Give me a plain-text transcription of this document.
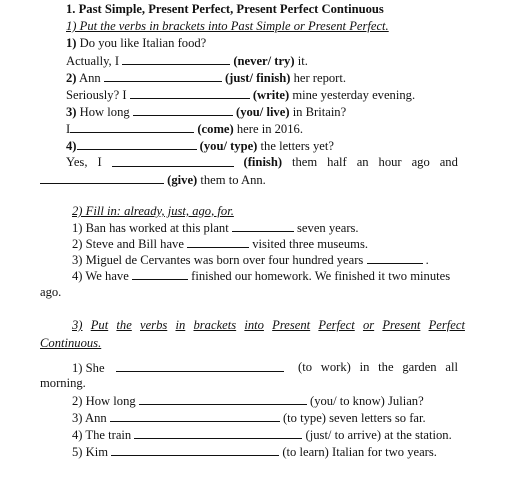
1. Past Simple, Present Perfect, Present Perfect Continuous
1) Put the verbs in brackets into Past Simple or Present Perfect.
1) Do you like Italian food?
Actually, I	(never/ try) it.
2) Ann	(just/ finish) her report.
Seriously? I	(write) mine yesterday evening.
3) How long	(you/ live) in Britain?
I	(come) here in 2016.
4)	(you/ type) the letters yet?
Yes, I	(finish) them half an hour ago and
(give) them to Ann.
2) Fill in: already, just, ago, for.
1) Ban has worked at this plant	seven years.
2) Steve and Bill have	visited three museums.
3) Miguel de Cervantes was born over four hundred years	.
4) We have	finished our homework. We finished it two minutes
ago.
3) Put the verbs in brackets into Present Perfect or Present Perfect
Continuous.
1) She	(to work) in the garden all
morning.
2) How long	(you/ to know) Julian?
3) Ann	(to type) seven letters so far.
4) The train	(just/ to arrive) at the station.
5) Kim	(to learn) Italian for two years.
